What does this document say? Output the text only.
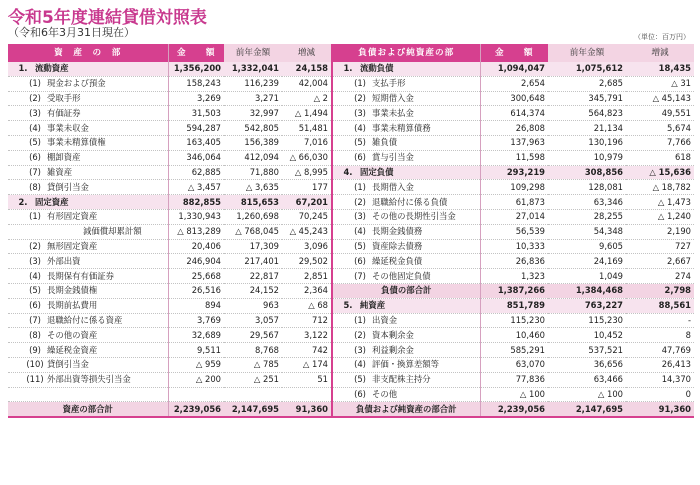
令和5年度連結貸借対照表
（令和6年3月31日現在）	（単位：百万円）
資　産　の　部	金　　額	前年金額	増減	負債および純資産の部	金　　額	前年金額	増減

1. 流動資産	1,356,200	1,332,041	24,158	1. 流動負債	1,094,047	1,075,612	18,435
(1) 現金および預金	158,243	116,239	42,004	(1) 支払手形	2,654	2,685	△ 31
(2) 受取手形	3,269	3,271	△ 2	(2) 短期借入金	300,648	345,791	△ 45,143
(3) 有価証券	31,503	32,997	△ 1,494	(3) 事業未払金	614,374	564,823	49,551
(4) 事業未収金	594,287	542,805	51,481	(4) 事業未精算債務	26,808	21,134	5,674
(5) 事業未精算債権	163,405	156,389	7,016	(5) 雑負債	137,963	130,196	7,766
(6) 棚卸資産	346,064	412,094	△ 66,030	(6) 賞与引当金	11,598	10,979	618
(7) 雑資産	62,885	71,880	△ 8,995	4. 固定負債	293,219	308,856	△ 15,636
(8) 貸倒引当金	△ 3,457	△ 3,635	177	(1) 長期借入金	109,298	128,081	△ 18,782
2. 固定資産	882,855	815,653	67,201	(2) 退職給付に係る負債	61,873	63,346	△ 1,473
(1) 有形固定資産	1,330,943	1,260,698	70,245	(3) その他の長期性引当金	27,014	28,255	△ 1,240
減価償却累計額	△ 813,289	△ 768,045	△ 45,243	(4) 長期金銭債務	56,539	54,348	2,190
(2) 無形固定資産	20,406	17,309	3,096	(5) 資産除去債務	10,333	9,605	727
(3) 外部出資	246,904	217,401	29,502	(6) 繰延税金負債	26,836	24,169	2,667
(4) 長期保有有価証券	25,668	22,817	2,851	(7) その他固定負債	1,323	1,049	274
(5) 長期金銭債権	26,516	24,152	2,364	負債の部合計	1,387,266	1,384,468	2,798
(6) 長期前払費用	894	963	△ 68	5. 純資産	851,789	763,227	88,561
(7) 退職給付に係る資産	3,769	3,057	712	(1) 出資金	115,230	115,230	-
(8) その他の資産	32,689	29,567	3,122	(2) 資本剰余金	10,460	10,452	8
(9) 繰延税金資産	9,511	8,768	742	(3) 利益剰余金	585,291	537,521	47,769
(10) 貸倒引当金	△ 959	△ 785	△ 174	(4) 評価・換算差額等	63,070	36,656	26,413
(11) 外部出資等損失引当金	△ 200	△ 251	51	(5) 非支配株主持分	77,836	63,466	14,370
				(6) その他	△ 100	△ 100	0
資産の部合計	2,239,056	2,147,695	91,360	負債および純資産の部合計	2,239,056	2,147,695	91,360
